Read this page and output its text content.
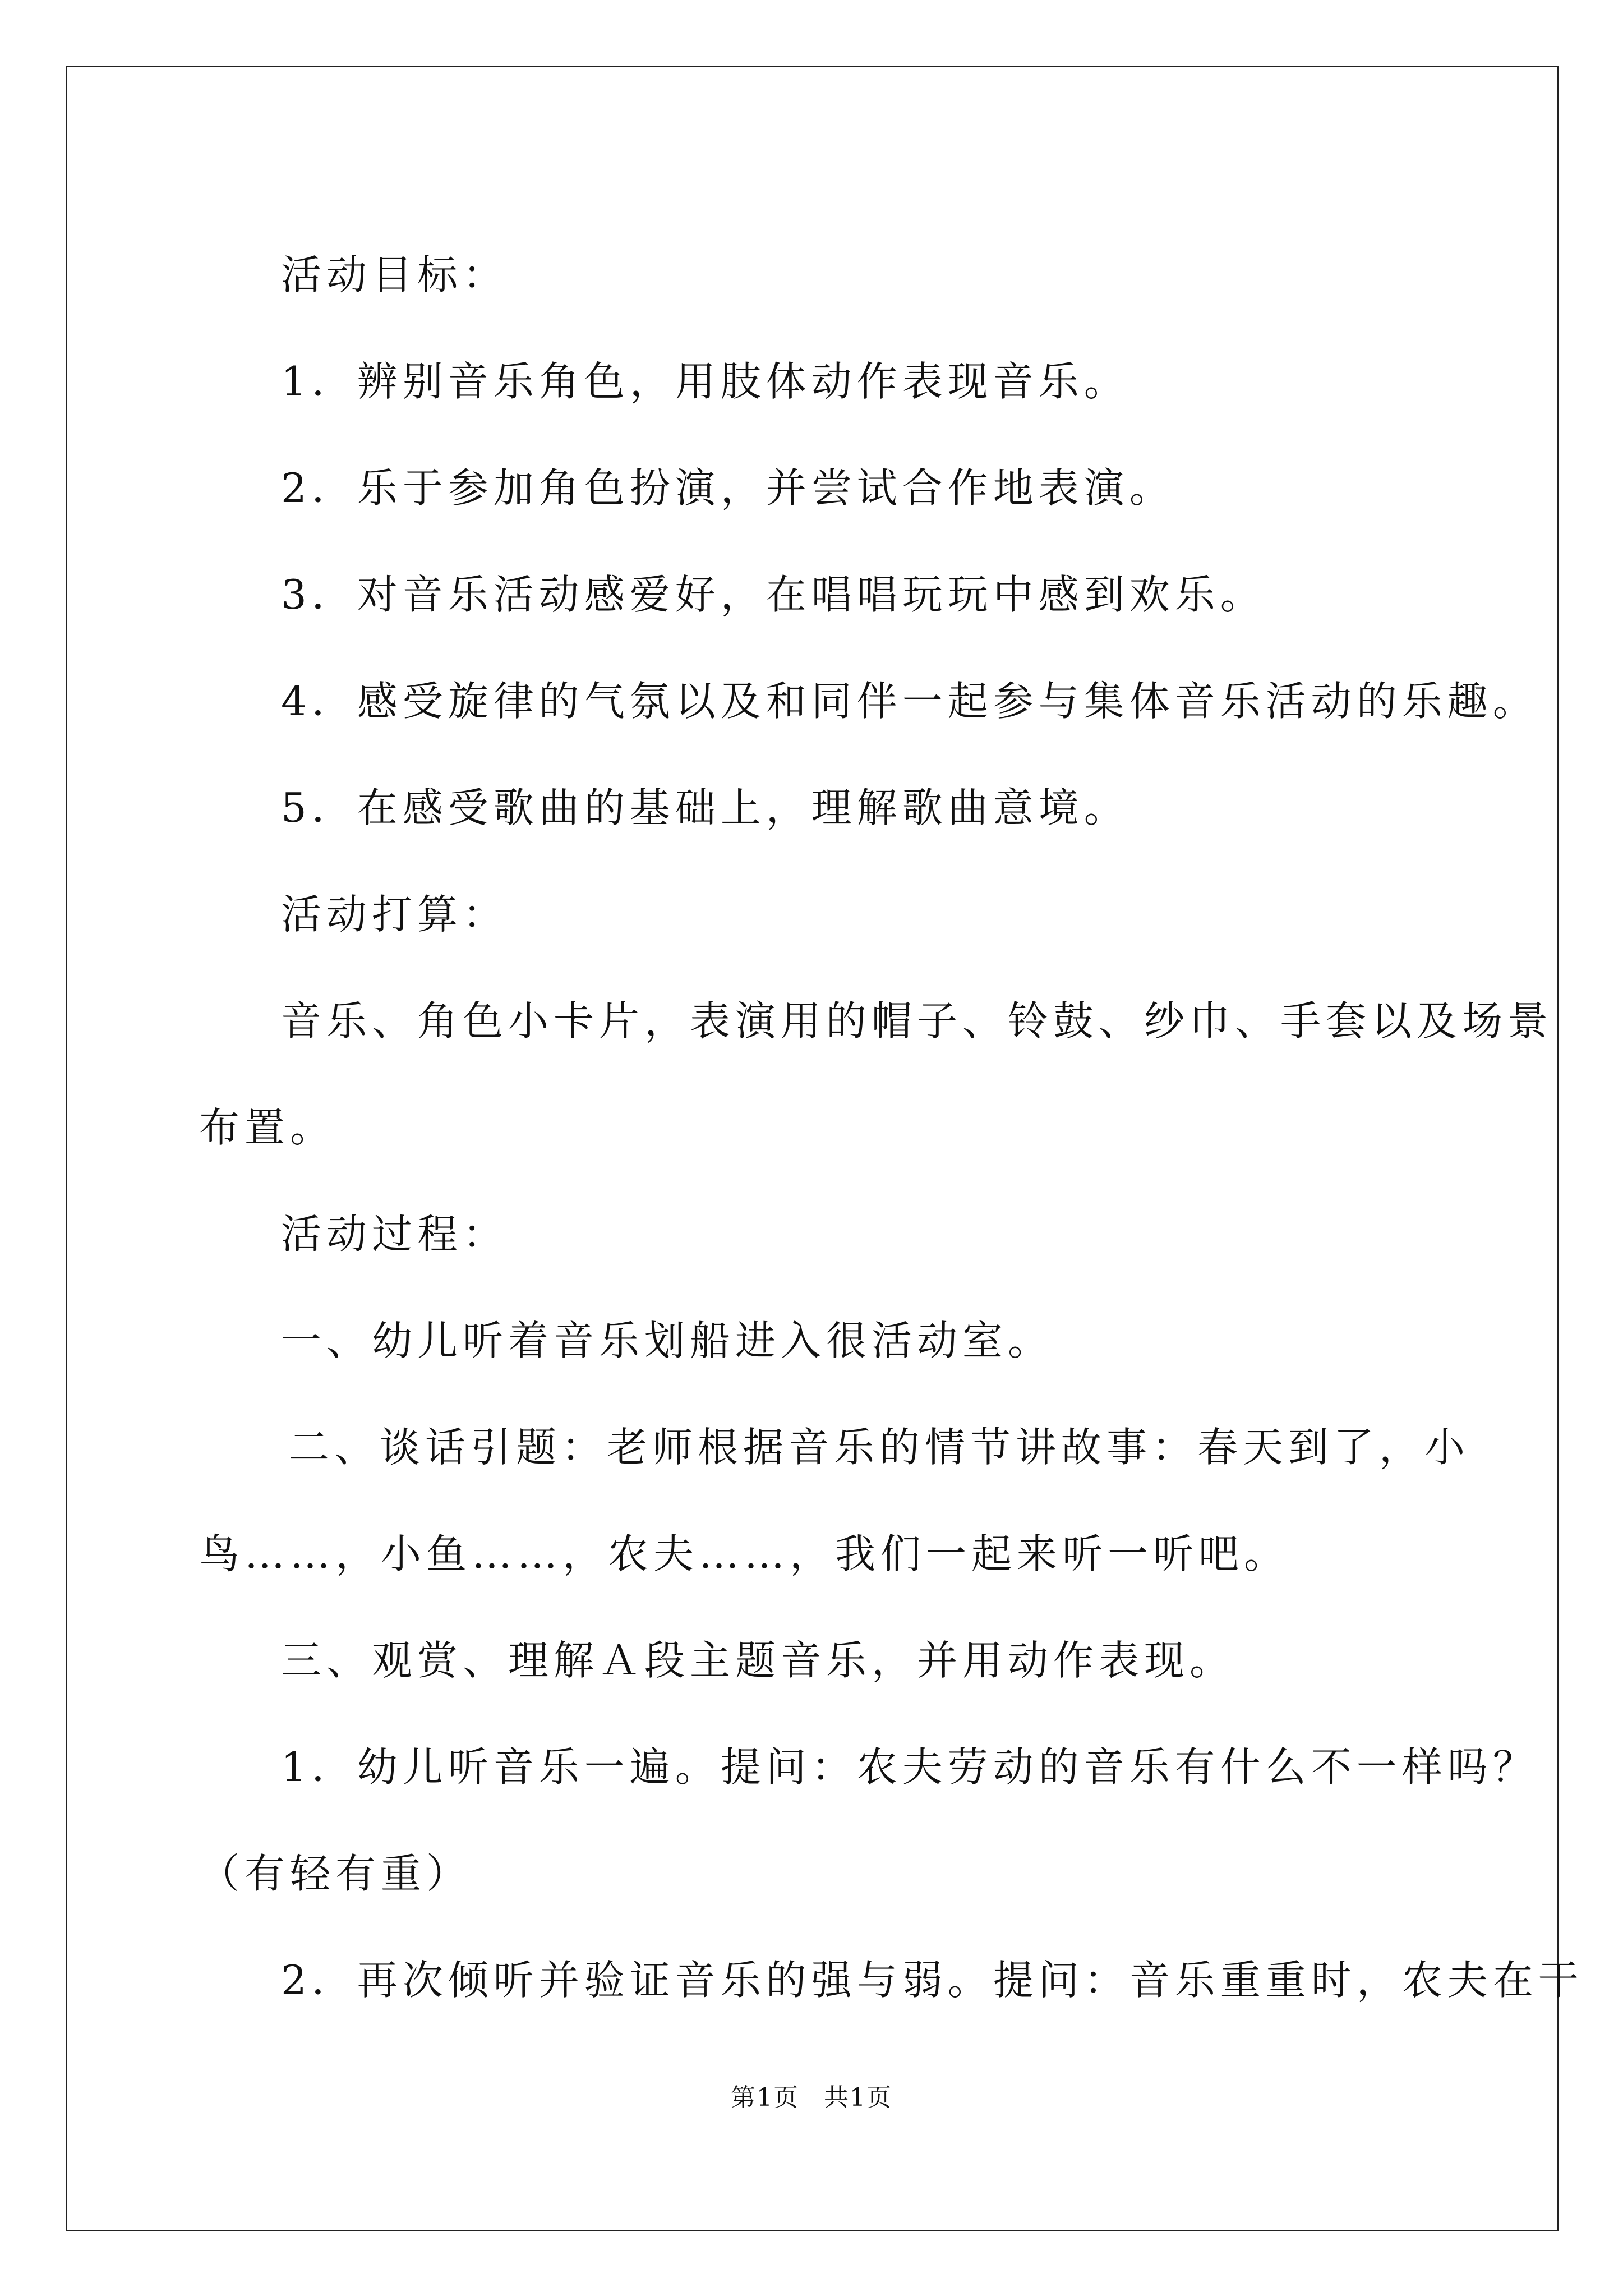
活动目标：

1．辨别音乐角色，用肢体动作表现音乐。

2．乐于参加角色扮演，并尝试合作地表演。

3．对音乐活动感爱好，在唱唱玩玩中感到欢乐。

4．感受旋律的气氛以及和同伴一起参与集体音乐活动的乐趣。

5．在感受歌曲的基础上，理解歌曲意境。

活动打算：

音乐、角色小卡片，表演用的帽子、铃鼓、纱巾、手套以及场景

布置。

活动过程：

一、幼儿听着音乐划船进入很活动室。

二、谈话引题：老师根据音乐的情节讲故事：春天到了，小

鸟……，小鱼……，农夫……，我们一起来听一听吧。

三、观赏、理解Ａ段主题音乐，并用动作表现。

1．幼儿听音乐一遍。提问：农夫劳动的音乐有什么不一样吗？

（有轻有重）

2．再次倾听并验证音乐的强与弱。提问：音乐重重时，农夫在干

第1页 共1页
